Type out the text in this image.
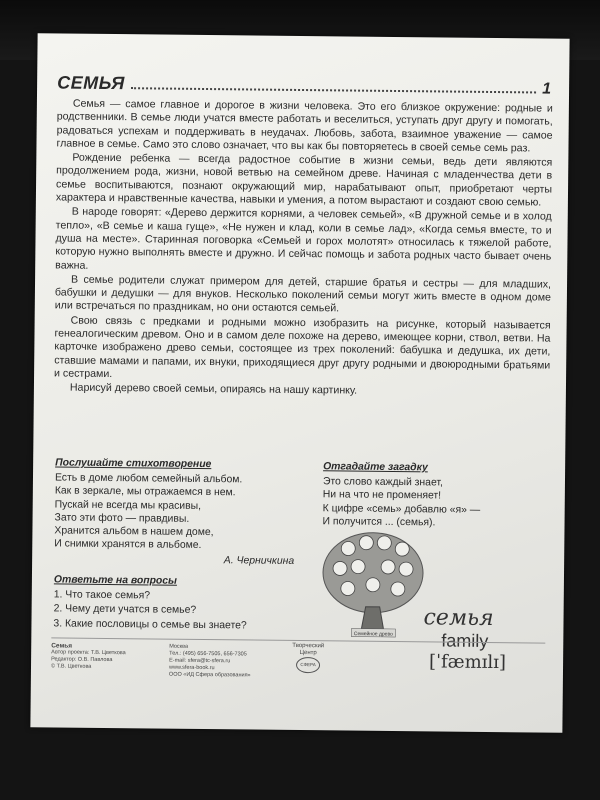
СЕМЬЯ	1

Семья — самое главное и дорогое в жизни человека. Это его близкое окружение: родные и родственники. В семье люди учатся вместе работать и веселиться, уступать друг другу и помогать, радоваться успехам и поддерживать в неудачах. Любовь, забота, взаимное уважение — самое главное в семье. Само это слово означает, что вы как бы повторяетесь в своей семье семь раз.

Рождение ребенка — всегда радостное событие в жизни семьи, ведь дети являются продолжением рода, жизни, новой ветвью на семейном древе. Начиная с младенчества дети в семье воспитываются, познают окружающий мир, нарабатывают опыт, приобретают черты характера и нравственные качества, навыки и умения, а потом вырастают и создают свою семью.

В народе говорят: «Дерево держится корнями, а человек семьей», «В дружной семье и в холод тепло», «В семье и каша гуще», «Не нужен и клад, коли в семье лад», «Когда семья вместе, то и душа на месте». Старинная поговорка «Семьей и горох молотят» относилась к тяжелой работе, которую нужно выполнять вместе и дружно. И сейчас помощь и забота родных часто бывает очень важна.

В семье родители служат примером для детей, старшие братья и сестры — для младших, бабушки и дедушки — для внуков. Несколько поколений семьи могут жить вместе в одном доме или встречаться по праздникам, но они остаются семьей.

Свою связь с предками и родными можно изобразить на рисунке, который называется генеалогическим древом. Оно и в самом деле похоже на дерево, имеющее корни, ствол, ветви. На карточке изображено древо семьи, состоящее из трех поколений: бабушка и дедушка, их дети, ставшие мамами и папами, их внуки, приходящиеся друг другу родными и двоюродными братьями и сестрами.

Нарисуй дерево своей семьи, опираясь на нашу картинку.

Послушайте стихотворение
Есть в доме любом семейный альбом.
Как в зеркале, мы отражаемся в нем.
Пускай не всегда мы красивы,
Зато эти фото — правдивы.
Хранится альбом в нашем доме,
И снимки хранятся в альбоме.
А. Черничкина
Отгадайте загадку
Это слово каждый знает,
Ни на что не променяет!
К цифре «семь» добавлю «я» —
И получится ... (семья).
Ответьте на вопросы
1. Что такое семья?
2. Чему дети учатся в семье?
3. Какие пословицы о семье вы знаете?
Семейное древо
семья
family
[ˈfæmɪlɪ]
Семья
Автор проекта: Т.В. Цветкова
Редактор: О.В. Павлова
© Т.В. Цветкова
Москва
Тел.: (495) 656-7505, 656-7305
E-mail: sfera@tc-sfera.ru
www.sfera-book.ru
ООО «ИД Сфера образования»
Творческий Центр
СФЕРА
